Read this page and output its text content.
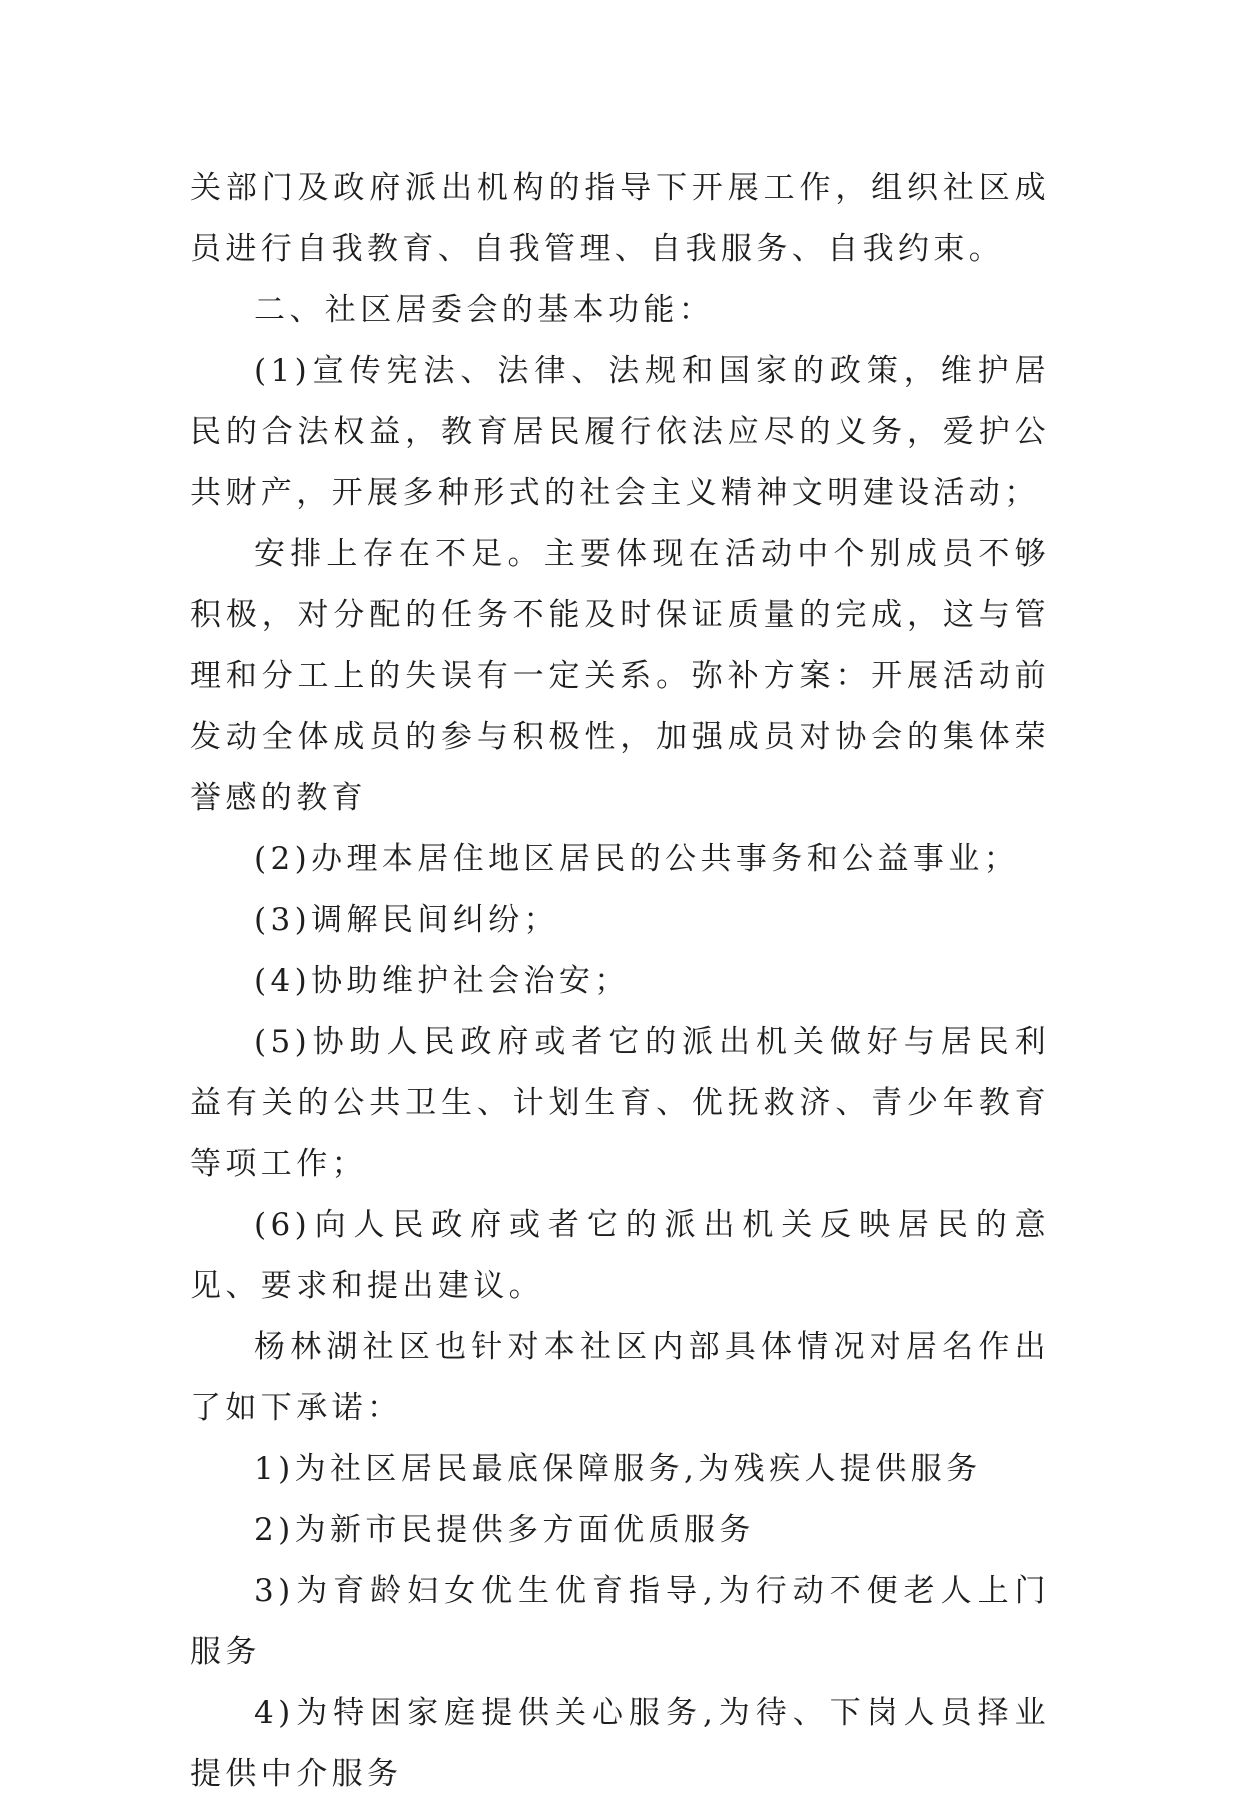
关部门及政府派出机构的指导下开展工作，组织社区成员进行自我教育、自我管理、自我服务、自我约束。

二、社区居委会的基本功能：

(1)宣传宪法、法律、法规和国家的政策，维护居民的合法权益，教育居民履行依法应尽的义务，爱护公共财产，开展多种形式的社会主义精神文明建设活动；

安排上存在不足。主要体现在活动中个别成员不够积极，对分配的任务不能及时保证质量的完成，这与管理和分工上的失误有一定关系。弥补方案：开展活动前发动全体成员的参与积极性，加强成员对协会的集体荣誉感的教育

(2)办理本居住地区居民的公共事务和公益事业；

(3)调解民间纠纷；

(4)协助维护社会治安；

(5)协助人民政府或者它的派出机关做好与居民利益有关的公共卫生、计划生育、优抚救济、青少年教育等项工作；

(6)向人民政府或者它的派出机关反映居民的意见、要求和提出建议。

杨林湖社区也针对本社区内部具体情况对居名作出了如下承诺：

1)为社区居民最底保障服务,为残疾人提供服务

2)为新市民提供多方面优质服务

3)为育龄妇女优生优育指导,为行动不便老人上门服务

4)为特困家庭提供关心服务,为待、下岗人员择业提供中介服务
